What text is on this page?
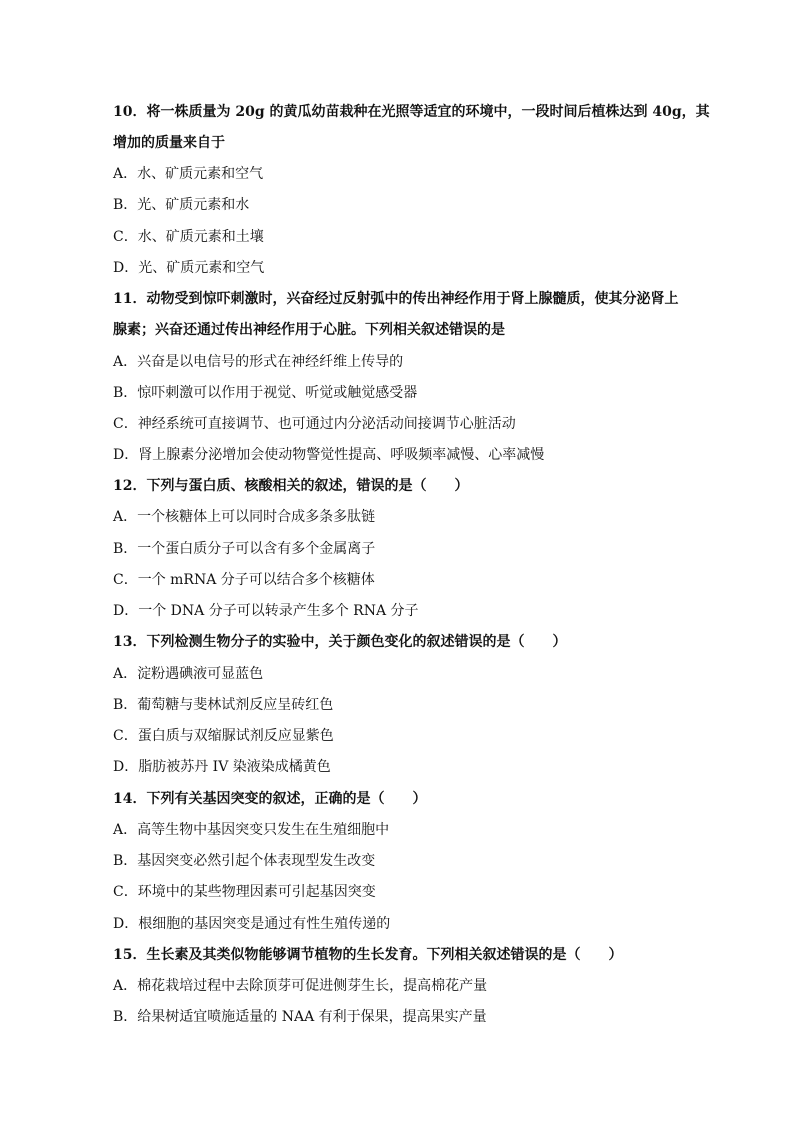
10．将一株质量为 20g 的黄瓜幼苗栽种在光照等适宜的环境中，一段时间后植株达到 40g，其
增加的质量来自于
A．水、矿质元素和空气
B．光、矿质元素和水
C．水、矿质元素和土壤
D．光、矿质元素和空气
11．动物受到惊吓刺激时，兴奋经过反射弧中的传出神经作用于肾上腺髓质，使其分泌肾上
腺素；兴奋还通过传出神经作用于心脏。下列相关叙述错误的是
A．兴奋是以电信号的形式在神经纤维上传导的
B．惊吓刺激可以作用于视觉、听觉或触觉感受器
C．神经系统可直接调节、也可通过内分泌活动间接调节心脏活动
D．肾上腺素分泌增加会使动物警觉性提高、呼吸频率减慢、心率减慢
12．下列与蛋白质、核酸相关的叙述，错误的是（　　）
A．一个核糖体上可以同时合成多条多肽链
B．一个蛋白质分子可以含有多个金属离子
C．一个 mRNA 分子可以结合多个核糖体
D．一个 DNA 分子可以转录产生多个 RNA 分子
13．下列检测生物分子的实验中，关于颜色变化的叙述错误的是（　　）
A．淀粉遇碘液可显蓝色
B．葡萄糖与斐林试剂反应呈砖红色
C．蛋白质与双缩脲试剂反应显紫色
D．脂肪被苏丹 IV 染液染成橘黄色
14．下列有关基因突变的叙述，正确的是（　　）
A．高等生物中基因突变只发生在生殖细胞中
B．基因突变必然引起个体表现型发生改变
C．环境中的某些物理因素可引起基因突变
D．根细胞的基因突变是通过有性生殖传递的
15．生长素及其类似物能够调节植物的生长发育。下列相关叙述错误的是（　　）
A．棉花栽培过程中去除顶芽可促进侧芽生长，提高棉花产量
B．给果树适宜喷施适量的 NAA 有利于保果，提高果实产量
